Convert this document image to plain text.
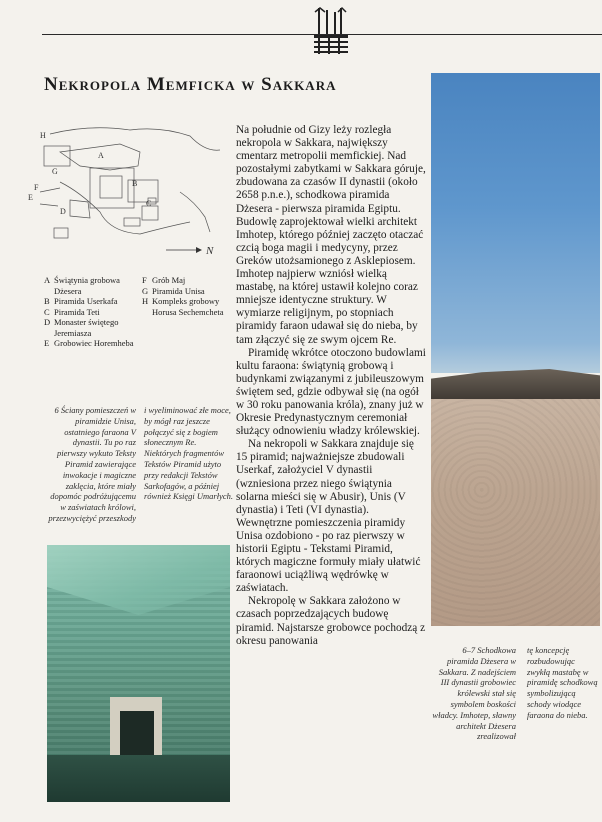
Nekropola Memficka w Sakkara
H
G
A
B
F
E
D
C
N
A Świątynia grobowa Dżesera
B Piramida Userkafa
C Piramida Teti
D Monaster świętego Jeremiasza
E Grobowiec Horemheba
F Grób Maj
G Piramida Unisa
H Kompleks grobowy Horusa Sechemcheta
6 Ściany pomieszczeń w piramidzie Unisa, ostatniego faraona V dynastii. Tu po raz pierwszy wykuto Teksty Piramid zawierające inwokacje i magiczne zaklęcia, które miały dopomóc podróżującemu w zaświatach królowi, przezwyciężyć przeszkody
i wyeliminować złe moce, by mógł raz jeszcze połączyć się z bogiem słonecznym Re. Niektórych fragmentów Tekstów Piramid użyto przy redakcji Tekstów Sarkofagów, a później również Księgi Umarłych.

Na południe od Gizy leży rozległa nekropola w Sakkara, największy cmentarz metropolii memfickiej. Nad pozostałymi zabytkami w Sakkara góruje, zbudowana za czasów II dynastii (około 2658 p.n.e.), schodkowa piramida Dżesera - pierwsza piramida Egiptu. Budowlę zaprojektował wielki architekt Imhotep, którego później zaczęto otaczać czcią boga magii i medycyny, przez Greków utożsamionego z Asklepiosem. Imhotep najpierw wzniósł wielką mastabę, na której ustawił kolejno coraz mniejsze identyczne struktury. W wymiarze religijnym, po stopniach piramidy faraon udawał się do nieba, by tam złączyć się ze swym ojcem Re.

Piramidę wkrótce otoczono budowlami kultu faraona: świątynią grobową i budynkami związanymi z jubileuszowym świętem sed, gdzie odbywał się (na ogół w 30 roku panowania króla), znany już w Okresie Predynastycznym ceremoniał służący odnowieniu władzy królewskiej.

Na nekropoli w Sakkara znajduje się 15 piramid; najważniejsze zbudowali Userkaf, założyciel V dynastii (wzniesiona przez niego świątynia solarna mieści się w Abusir), Unis (V dynastia) i Teti (VI dynastia). Wewnętrzne pomieszczenia piramidy Unisa ozdobiono - po raz pierwszy w historii Egiptu - Tekstami Piramid, których magiczne formuły miały ułatwić faraonowi uciążliwą wędrówkę w zaświatach.

Nekropolę w Sakkara założono w czasach poprzedzających budowę piramid. Najstarsze grobowce pochodzą z okresu panowania

6–7 Schodkowa piramida Dżesera w Sakkara. Z nadejściem III dynastii grobowiec królewski stał się symbolem boskości władcy. Imhotep, sławny architekt Dżesera zrealizował
tę koncepcję rozbudowując zwykłą mastabę w piramidę schodkową symbolizującą schody wiodące faraona do nieba.
